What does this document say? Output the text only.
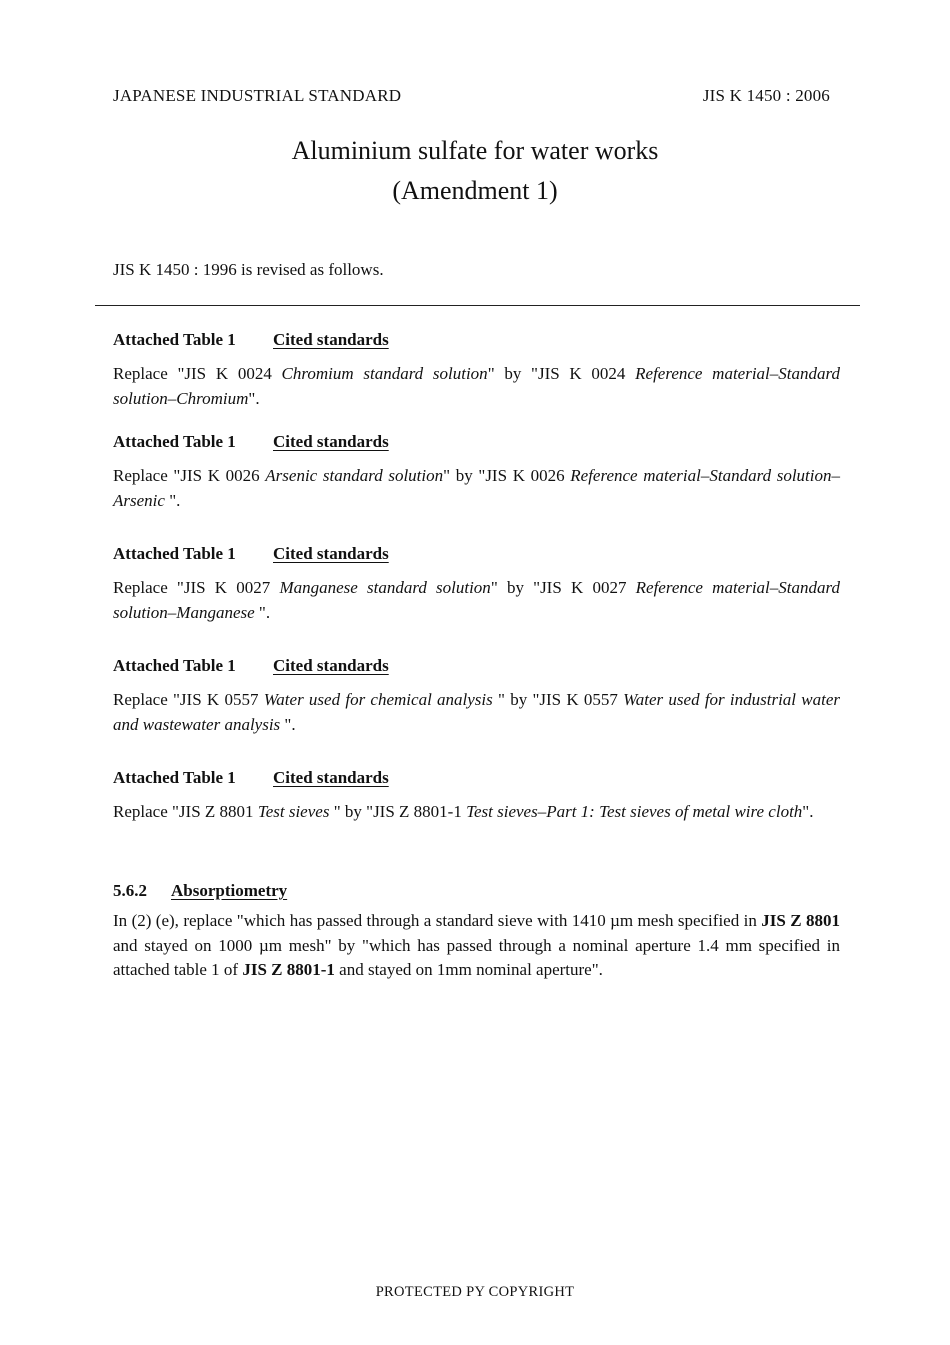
JAPANESE INDUSTRIAL STANDARD	JIS K 1450 : 2006
Aluminium sulfate for water works
(Amendment 1)
JIS K 1450 : 1996 is revised as follows.
Attached Table 1 Cited standards
Replace "JIS K 0024 Chromium standard solution" by "JIS K 0024 Reference material–Standard solution–Chromium".
Attached Table 1 Cited standards
Replace "JIS K 0026 Arsenic standard solution" by "JIS K 0026 Reference material–Standard solution–Arsenic ".
Attached Table 1 Cited standards
Replace "JIS K 0027 Manganese standard solution" by "JIS K 0027 Reference material–Standard solution–Manganese ".
Attached Table 1 Cited standards
Replace "JIS K 0557 Water used for chemical analysis " by "JIS K 0557 Water used for industrial water and wastewater analysis ".
Attached Table 1 Cited standards
Replace "JIS Z 8801 Test sieves " by "JIS Z 8801-1 Test sieves–Part 1: Test sieves of metal wire cloth".
5.6.2 Absorptiometry
In (2) (e), replace "which has passed through a standard sieve with 1410 µm mesh specified in JIS Z 8801 and stayed on 1000 µm mesh" by "which has passed through a nominal aperture 1.4 mm specified in attached table 1 of JIS Z 8801-1 and stayed on 1mm nominal aperture".
PROTECTED PY COPYRIGHT
